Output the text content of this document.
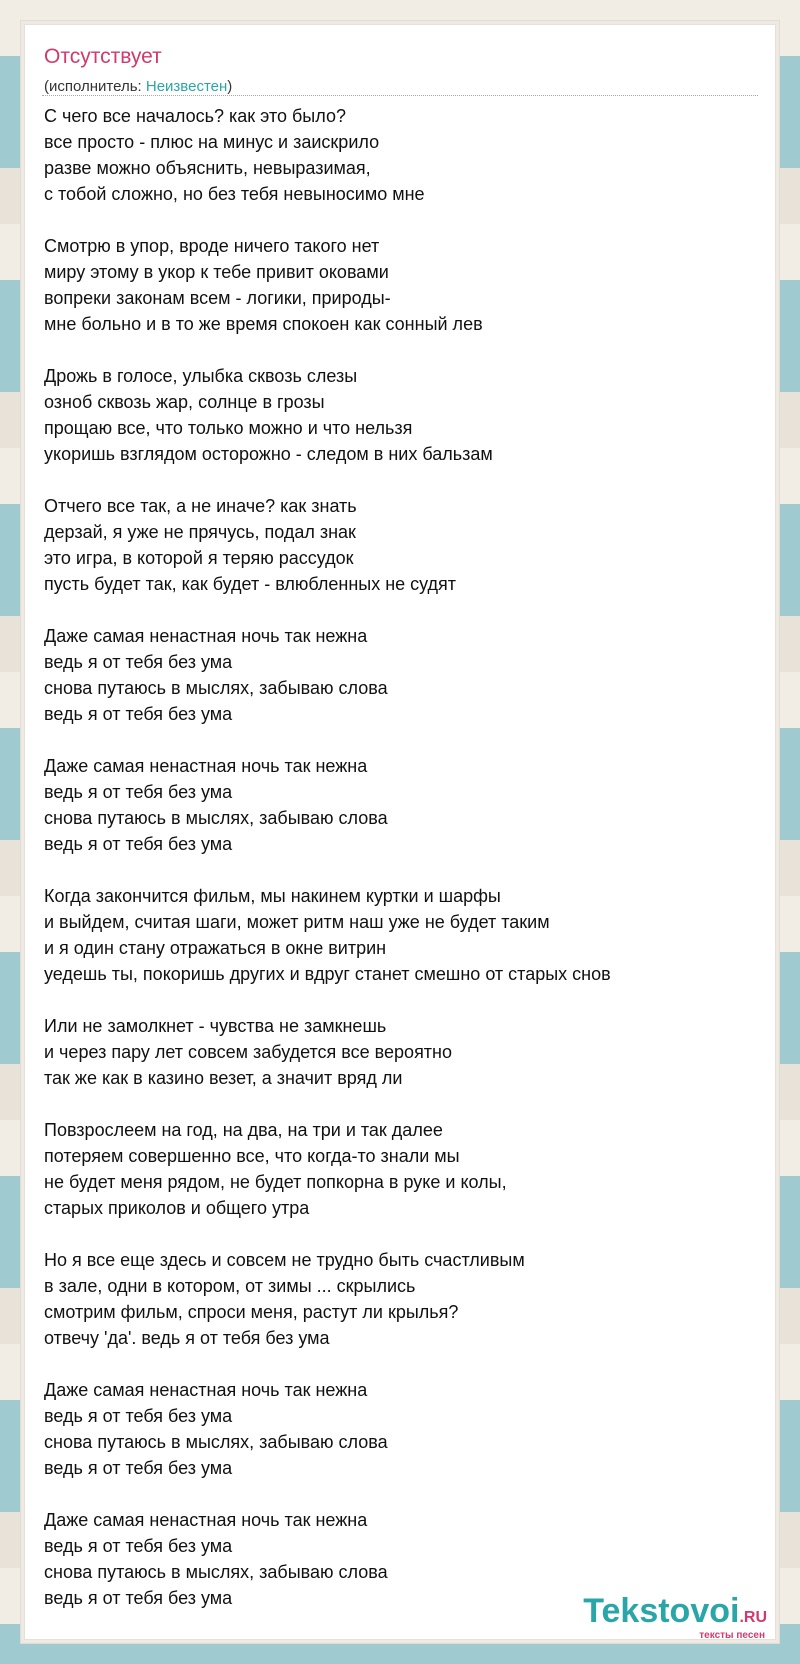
Отсутствует
(исполнитель: Неизвестен)
С чего все началось? как это было?
все просто - плюс на минус и заискрило
разве можно объяснить, невыразимая,
с тобой сложно, но без тебя невыносимо мне
Смотрю в упор, вроде ничего такого нет
миру этому в укор к тебе привит оковами
вопреки законам всем - логики, природы-
мне больно и в то же время спокоен как сонный лев
Дрожь в голосе, улыбка сквозь слезы
озноб сквозь жар, солнце в грозы
прощаю все, что только можно и что нельзя
укоришь взглядом осторожно - следом в них бальзам
Отчего все так, а не иначе? как знать
дерзай, я уже не прячусь, подал знак
это игра, в которой я теряю рассудок
пусть будет так, как будет - влюбленных не судят
Даже самая ненастная ночь так нежна
ведь я от тебя без ума
снова путаюсь в мыслях, забываю слова
ведь я от тебя без ума
Даже самая ненастная ночь так нежна
ведь я от тебя без ума
снова путаюсь в мыслях, забываю слова
ведь я от тебя без ума
Когда закончится фильм, мы накинем куртки и шарфы
и выйдем, считая шаги, может ритм наш уже не будет таким
и я один стану отражаться в окне витрин
уедешь ты, покоришь других и вдруг станет смешно от старых снов
Или не замолкнет - чувства не замкнешь
и через пару лет совсем забудется все вероятно
так же как в казино везет, а значит вряд ли
Повзрослеем на год, на два, на три и так далее
потеряем совершенно все, что когда-то знали мы
не будет меня рядом, не будет попкорна в руке и колы,
старых приколов и общего утра
Но я все еще здесь и совсем не трудно быть счастливым
в зале, одни в котором, от зимы ... скрылись
смотрим фильм, спроси меня, растут ли крылья?
отвечу 'да'. ведь я от тебя без ума
Даже самая ненастная ночь так нежна
ведь я от тебя без ума
снова путаюсь в мыслях, забываю слова
ведь я от тебя без ума
Даже самая ненастная ночь так нежна
ведь я от тебя без ума
снова путаюсь в мыслях, забываю слова
ведь я от тебя без ума	Tekstovoi.RU
тексты песен
